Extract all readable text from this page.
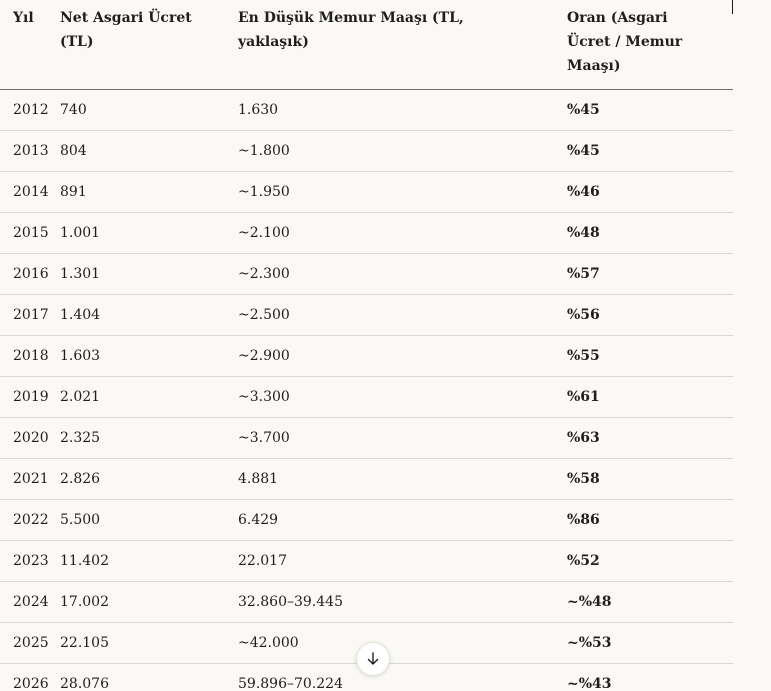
Yıl	Net Asgari Ücret (TL)	En Düşük Memur Maaşı (TL, yaklaşık)	Oran (Asgari Ücret / Memur Maaşı)
2012	740	1.630	%45
2013	804	~1.800	%45
2014	891	~1.950	%46
2015	1.001	~2.100	%48
2016	1.301	~2.300	%57
2017	1.404	~2.500	%56
2018	1.603	~2.900	%55
2019	2.021	~3.300	%61
2020	2.325	~3.700	%63
2021	2.826	4.881	%58
2022	5.500	6.429	%86
2023	11.402	22.017	%52
2024	17.002	32.860–39.445	~%48
2025	22.105	~42.000	~%53
2026	28.076	59.896–70.224	~%43
